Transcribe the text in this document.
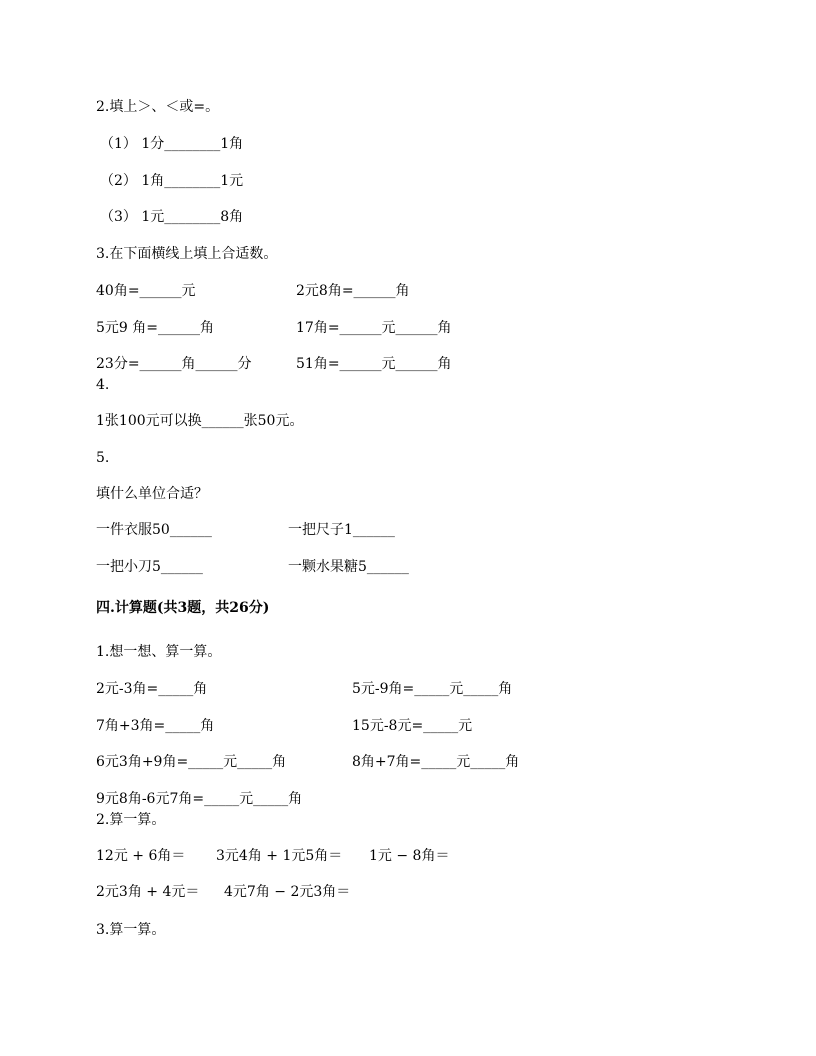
2.填上＞、＜或=。
（1） 1分________1角
（2） 1角________1元
（3） 1元________8角
3.在下面横线上填上合适数。
40角=______元	2元8角=______角
5元9 角=______角	17角=______元______角
23分=______角______分	51角=______元______角
4.
1张100元可以换______张50元。
5.
填什么单位合适？
一件衣服50______	一把尺子1______
一把小刀5______	一颗水果糖5______
四.计算题(共3题，共26分)
1.想一想、算一算。
2元-3角=_____角	5元-9角=_____元_____角
7角+3角=_____角	15元-8元=_____元
6元3角+9角=_____元_____角	8角+7角=_____元_____角
9元8角-6元7角=_____元_____角
2.算一算。
12元 + 6角＝ 3元4角 + 1元5角＝ 1元 − 8角＝
2元3角 + 4元＝ 4元7角 − 2元3角＝
3.算一算。
